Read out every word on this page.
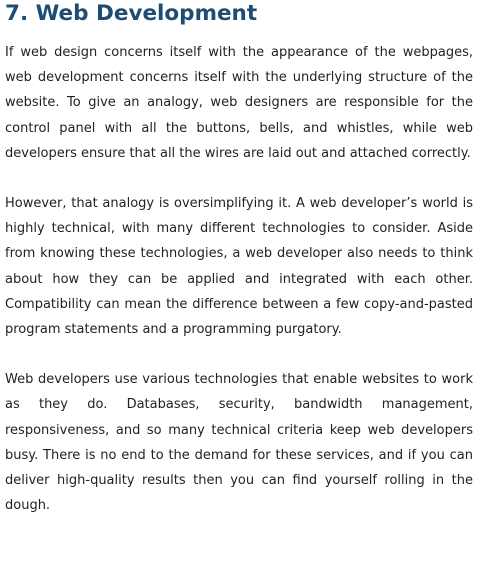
7. Web Development

If web design concerns itself with the appearance of the webpages, web development concerns itself with the underlying structure of the website. To give an analogy, web designers are responsible for the control panel with all the buttons, bells, and whistles, while web developers ensure that all the wires are laid out and attached correctly.

However, that analogy is oversimplifying it. A web developer’s world is highly technical, with many different technologies to consider. Aside from knowing these technologies, a web developer also needs to think about how they can be applied and integrated with each other. Compatibility can mean the difference between a few copy-and-pasted program statements and a programming purgatory.

Web developers use various technologies that enable websites to work as they do. Databases, security, bandwidth management, responsiveness, and so many technical criteria keep web developers busy. There is no end to the demand for these services, and if you can deliver high-quality results then you can find yourself rolling in the dough.
